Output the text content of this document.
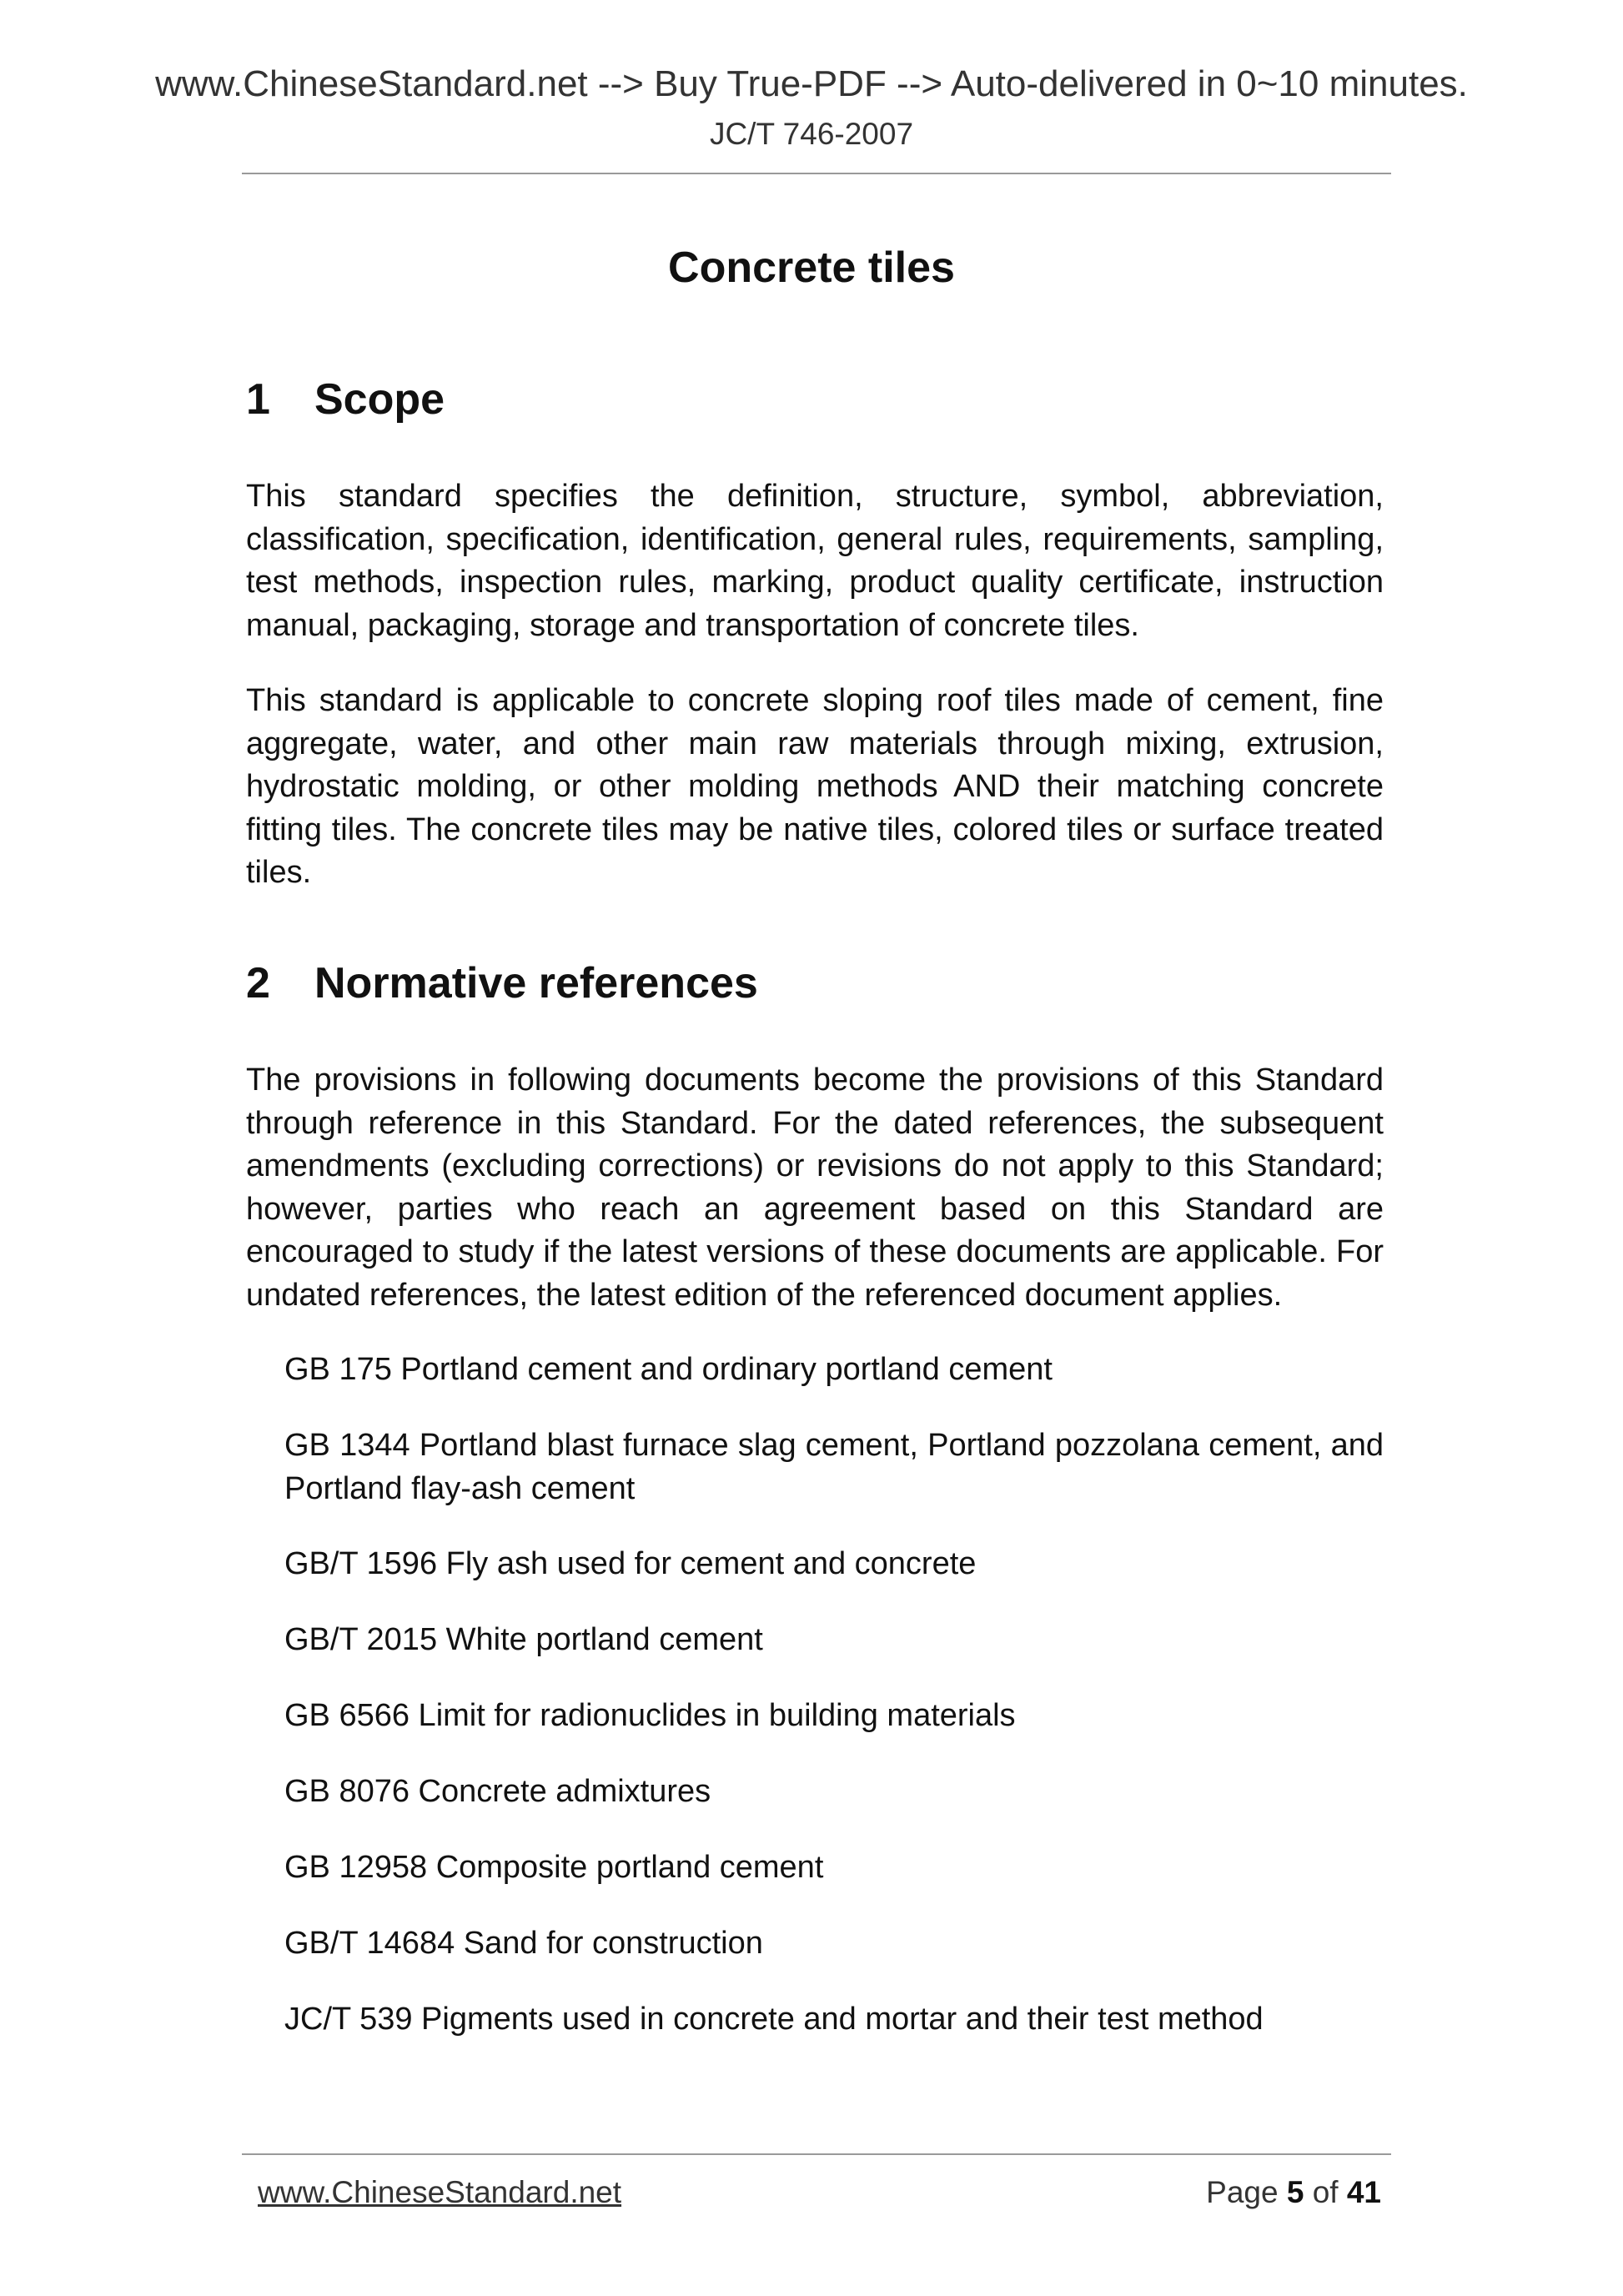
www.ChineseStandard.net --> Buy True-PDF --> Auto-delivered in 0~10 minutes.
JC/T 746-2007
Concrete tiles
1 Scope

This standard specifies the definition, structure, symbol, abbreviation, classification, specification, identification, general rules, requirements, sampling, test methods, inspection rules, marking, product quality certificate, instruction manual, packaging, storage and transportation of concrete tiles.

This standard is applicable to concrete sloping roof tiles made of cement, fine aggregate, water, and other main raw materials through mixing, extrusion, hydrostatic molding, or other molding methods AND their matching concrete fitting tiles. The concrete tiles may be native tiles, colored tiles or surface treated tiles.

2 Normative references

The provisions in following documents become the provisions of this Standard through reference in this Standard. For the dated references, the subsequent amendments (excluding corrections) or revisions do not apply to this Standard; however, parties who reach an agreement based on this Standard are encouraged to study if the latest versions of these documents are applicable. For undated references, the latest edition of the referenced document applies.

GB 175 Portland cement and ordinary portland cement

GB 1344 Portland blast furnace slag cement, Portland pozzolana cement, and Portland flay-ash cement

GB/T 1596 Fly ash used for cement and concrete

GB/T 2015 White portland cement

GB 6566 Limit for radionuclides in building materials

GB 8076 Concrete admixtures

GB 12958 Composite portland cement

GB/T 14684 Sand for construction

JC/T 539 Pigments used in concrete and mortar and their test method

www.ChineseStandard.net	Page 5 of 41
